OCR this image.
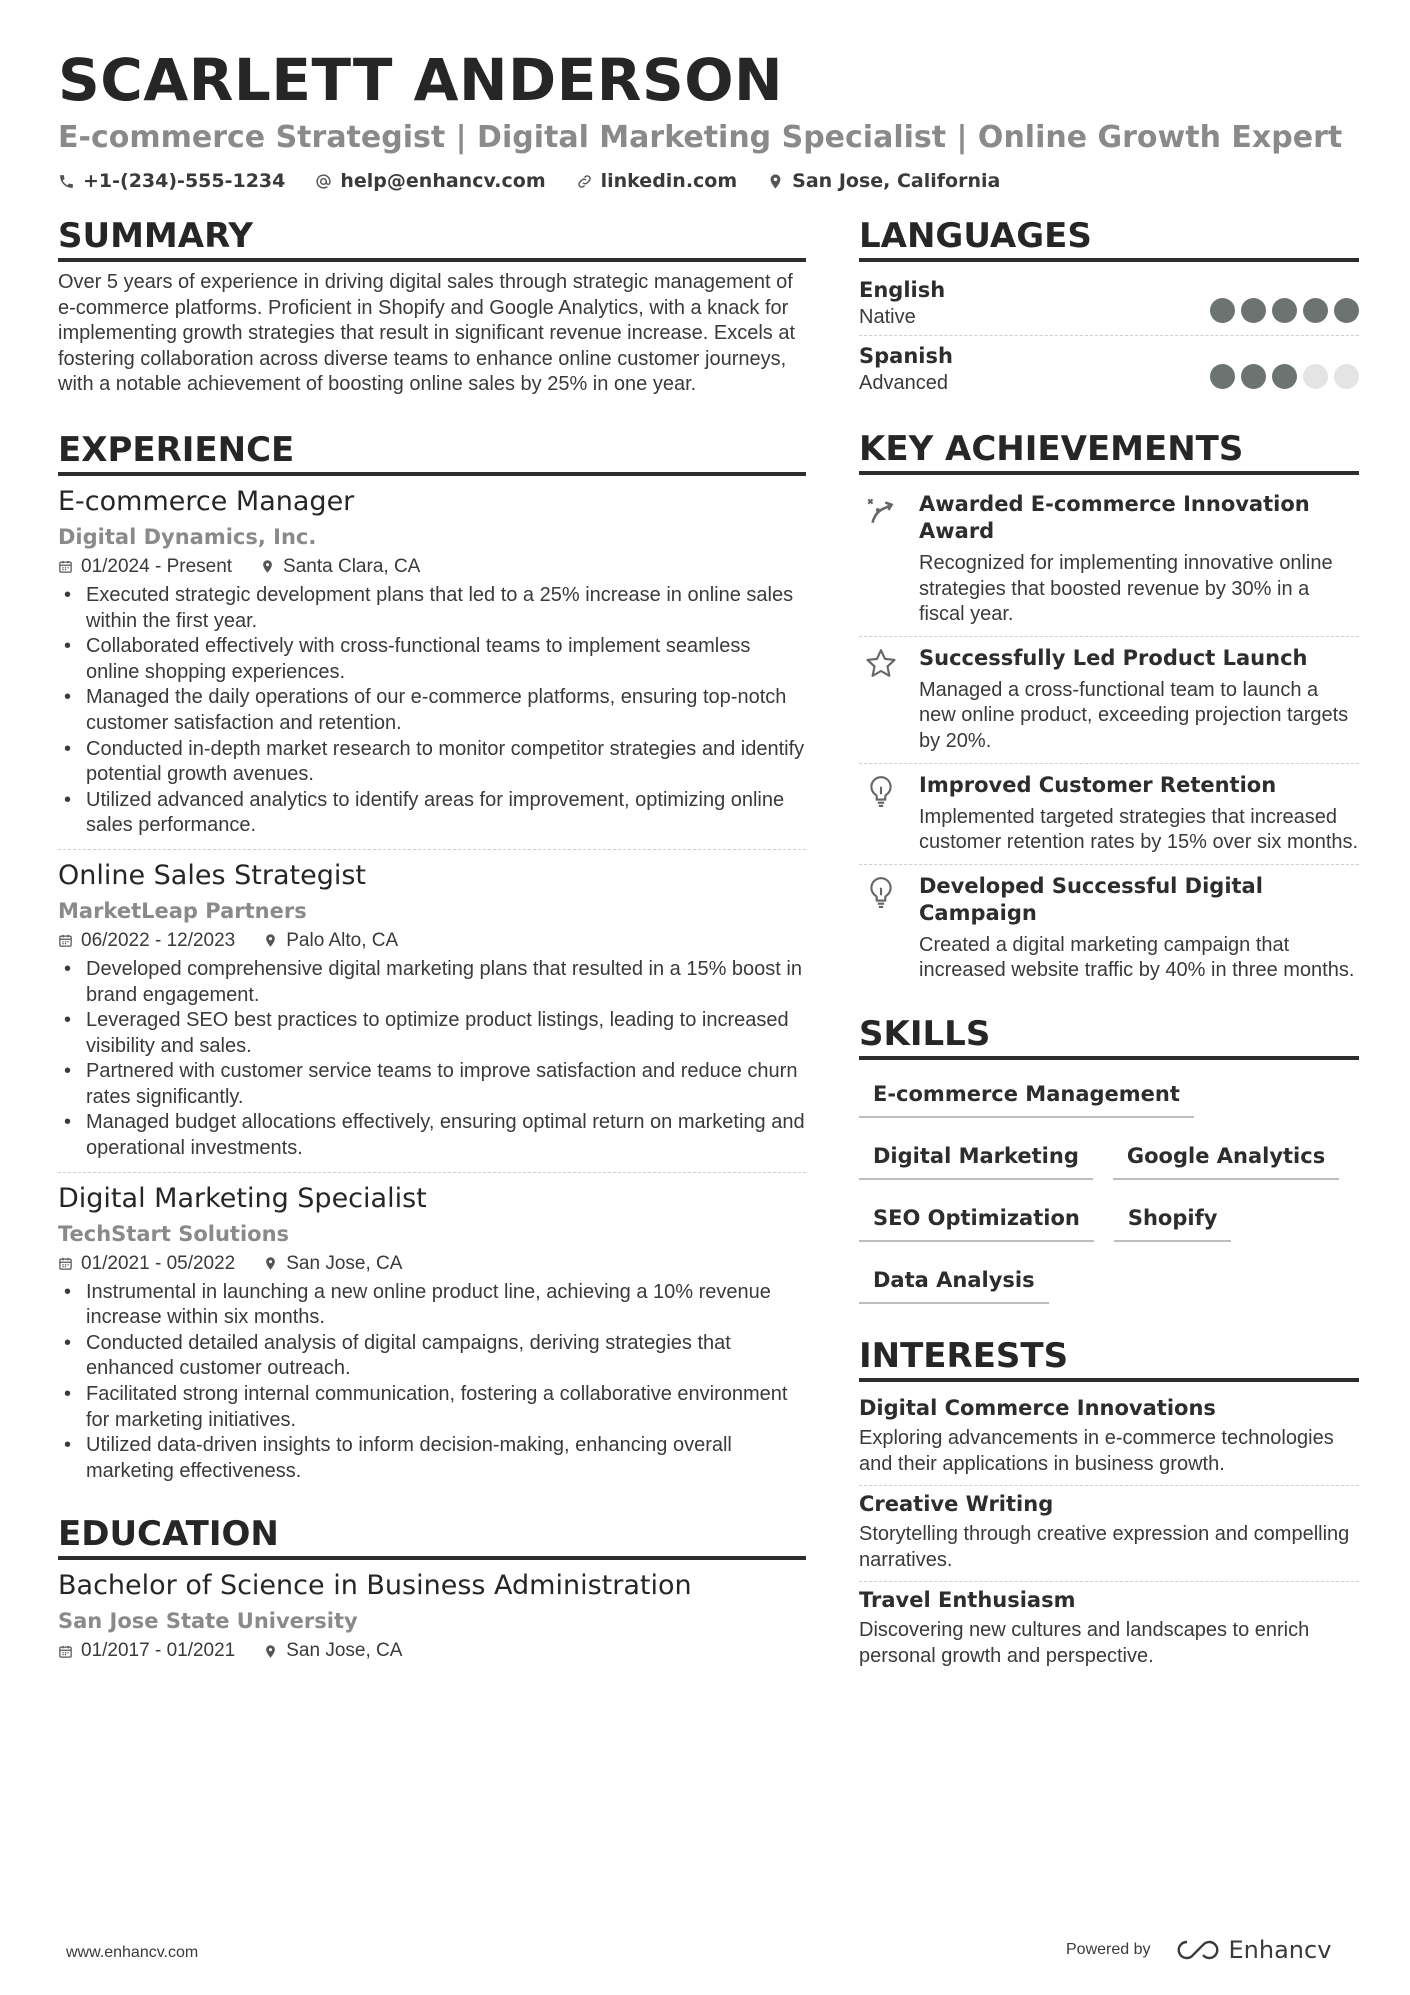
SCARLETT ANDERSON
E-commerce Strategist | Digital Marketing Specialist | Online Growth Expert
+1-(234)-555-1234	help@enhancv.com	linkedin.com	San Jose, California
SUMMARY
Over 5 years of experience in driving digital sales through strategic management of e-commerce platforms. Proficient in Shopify and Google Analytics, with a knack for implementing growth strategies that result in significant revenue increase. Excels at fostering collaboration across diverse teams to enhance online customer journeys, with a notable achievement of boosting online sales by 25% in one year.
EXPERIENCE
E-commerce Manager
Digital Dynamics, Inc.
01/2024 - Present	Santa Clara, CA
• Executed strategic development plans that led to a 25% increase in online sales within the first year.
• Collaborated effectively with cross-functional teams to implement seamless online shopping experiences.
• Managed the daily operations of our e-commerce platforms, ensuring top-notch customer satisfaction and retention.
• Conducted in-depth market research to monitor competitor strategies and identify potential growth avenues.
• Utilized advanced analytics to identify areas for improvement, optimizing online sales performance.
Online Sales Strategist
MarketLeap Partners
06/2022 - 12/2023	Palo Alto, CA
• Developed comprehensive digital marketing plans that resulted in a 15% boost in brand engagement.
• Leveraged SEO best practices to optimize product listings, leading to increased visibility and sales.
• Partnered with customer service teams to improve satisfaction and reduce churn rates significantly.
• Managed budget allocations effectively, ensuring optimal return on marketing and operational investments.
Digital Marketing Specialist
TechStart Solutions
01/2021 - 05/2022	San Jose, CA
• Instrumental in launching a new online product line, achieving a 10% revenue increase within six months.
• Conducted detailed analysis of digital campaigns, deriving strategies that enhanced customer outreach.
• Facilitated strong internal communication, fostering a collaborative environment for marketing initiatives.
• Utilized data-driven insights to inform decision-making, enhancing overall marketing effectiveness.
EDUCATION
Bachelor of Science in Business Administration
San Jose State University
01/2017 - 01/2021	San Jose, CA
LANGUAGES
English
Native
Spanish
Advanced
KEY ACHIEVEMENTS
Awarded E-commerce Innovation Award
Recognized for implementing innovative online strategies that boosted revenue by 30% in a fiscal year.
Successfully Led Product Launch
Managed a cross-functional team to launch a new online product, exceeding projection targets by 20%.
Improved Customer Retention
Implemented targeted strategies that increased customer retention rates by 15% over six months.
Developed Successful Digital Campaign
Created a digital marketing campaign that increased website traffic by 40% in three months.
SKILLS
E-commerce Management
Digital Marketing	Google Analytics
SEO Optimization	Shopify
Data Analysis
INTERESTS
Digital Commerce Innovations
Exploring advancements in e-commerce technologies and their applications in business growth.
Creative Writing
Storytelling through creative expression and compelling narratives.
Travel Enthusiasm
Discovering new cultures and landscapes to enrich personal growth and perspective.
www.enhancv.com	Powered by	Enhancv
